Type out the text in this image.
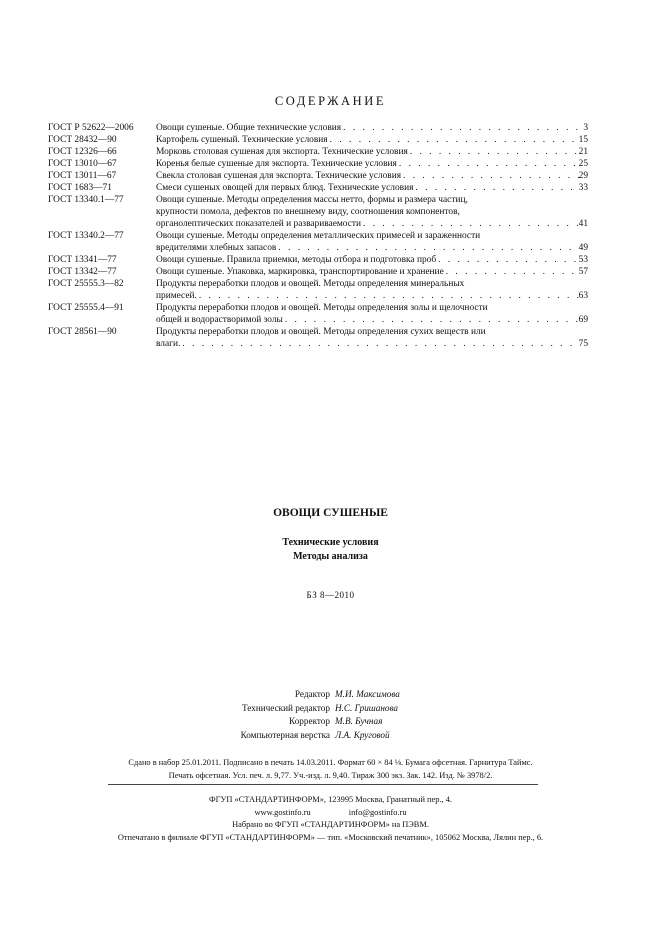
СОДЕРЖАНИЕ
ГОСТ Р 52622—2006	Овощи сушеные. Общие технические условия . . .	3
ГОСТ 28432—90	Картофель сушеный. Технические условия . . .	15
ГОСТ 12326—66	Морковь столовая сушеная для экспорта. Технические условия . . .	21
ГОСТ 13010—67	Коренья белые сушеные для экспорта. Технические условия . . .	25
ГОСТ 13011—67	Свекла столовая сушеная для экспорта. Технические условия . . .	29
ГОСТ 1683—71	Смеси сушеных овощей для первых блюд. Технические условия . . .	33
ГОСТ 13340.1—77	Овощи сушеные. Методы определения массы нетто, формы и размера частиц,
крупности помола, дефектов по внешнему виду, соотношения компонентов,
органолептических показателей и развариваемости . . .	41
ГОСТ 13340.2—77	Овощи сушеные. Методы определения металлических примесей и зараженности
вредителями хлебных запасов . . .	49
ГОСТ 13341—77	Овощи сушеные. Правила приемки, методы отбора и подготовка проб . . .	53
ГОСТ 13342—77	Овощи сушеные. Упаковка, маркировка, транспортирование и хранение . . .	57
ГОСТ 25555.3—82	Продукты переработки плодов и овощей. Методы определения минеральных
примесей. . . .	63
ГОСТ 25555.4—91	Продукты переработки плодов и овощей. Методы определения золы и щелочности
общей и водорастворимой золы . . .	69
ГОСТ 28561—90	Продукты переработки плодов и овощей. Методы определения сухих веществ или
влаги. . . .	75
ОВОЩИ СУШЕНЫЕ
Технические условия
Методы анализа
БЗ 8—2010
Редактор М.И. Максимова
Технический редактор Н.С. Гришанова
Корректор М.В. Бучная
Компьютерная верстка Л.А. Круговой
Сдано в набор 25.01.2011. Подписано в печать 14.03.2011. Формат 60 × 84 ⅛. Бумага офсетная. Гарнитура Таймс.
Печать офсетная. Усл. печ. л. 9,77. Уч.-изд. л. 9,40. Тираж 300 экз. Зак. 142. Изд. № 3978/2.
ФГУП «СТАНДАРТИНФОРМ», 123995 Москва, Гранатный пер., 4.
www.gostinfo.ru	info@gostinfo.ru
Набрано во ФГУП «СТАНДАРТИНФОРМ» на ПЭВМ.
Отпечатано в филиале ФГУП «СТАНДАРТИНФОРМ» — тип. «Московский печатник», 105062 Москва, Лялин пер., 6.
